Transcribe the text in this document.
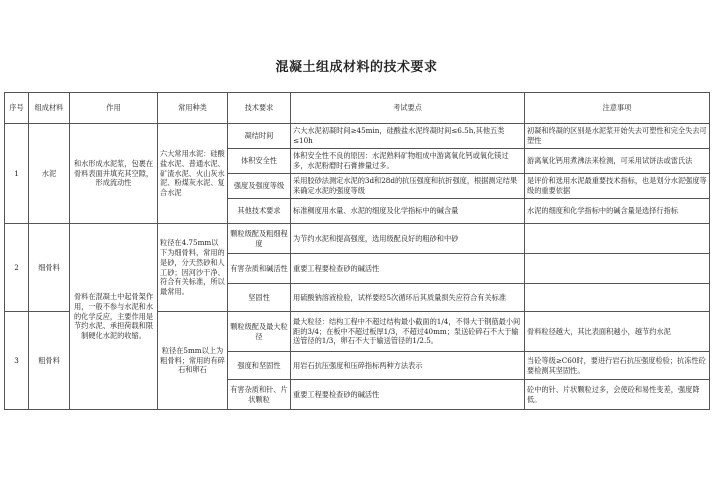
混凝土组成材料的技术要求
序号	组成材料	作用	常用种类	技术要求	考试要点	注意事项
1	水泥	和水形成水泥浆，包裹在骨料表面并填充其空隙，形成流动性	六大常用水泥：硅酸盐水泥、普通水泥、矿渣水泥、火山灰水泥、粉煤灰水泥、复合水泥	凝结时间	六大水泥初凝时间≥45min，硅酸盐水泥终凝时间≤6.5h,其他五类≤10h	初凝和终凝的区别是水泥浆开始失去可塑性和完全失去可塑性
				体积安全性	体积安全性不良的原因：水泥熟料矿物组成中游离氧化钙或氧化镁过多，水泥粉磨时石膏掺量过多。	游离氧化钙用煮沸法来检测，可采用试饼法或雷氏法
				强度及强度等级	采用胶砂法测定水泥的3d和28d的抗压强度和抗折强度，根据测定结果来确定水泥的强度等级	是评价和选用水泥最重要技术指标，也是划分水泥强度等级的重要依据
				其他技术要求	标准稠度用水量、水泥的细度及化学指标中的碱含量	水泥的细度和化学指标中的碱含量是选择行指标
2	细骨料	骨料在混凝土中起骨架作用，一般不参与水泥和水的化学反应，主要作用是节约水泥、承担荷载和限制硬化水泥的收缩。	粒径在4.75mm以下为细骨料，常用的是砂，分天然砂和人工砂；因河沙干净、符合有关标准，所以最常用。	颗粒级配及粗细程度	为节约水泥和提高强度，选用级配良好的粗砂和中砂	
				有害杂质和碱活性	重要工程要检查砂的碱活性	
				坚固性	用硫酸钠溶液检验，试样要经5次循环后其质量损失应符合有关标准	
3	粗骨料		粒径在5mm以上为粗骨料；常用的有碎石和卵石	颗粒级配及最大粒径	最大粒径：结构工程中不超过结构最小截面的1/4，不得大于钢筋最小间距的3/4；在板中不超过板厚1/3，不超过40mm；泵送砼碎石不大于输送管径的1/3，卵石不大于输送管径的1/2.5。	骨料粒径越大，其比表面积越小，越节约水泥
				强度和坚固性	用岩石抗压强度和压碎指标两种方法表示	当砼等级≥C60时，要进行岩石抗压强度检验；抗冻性砼要检测其坚固性。
				有害杂质和针、片状颗粒	重要工程要检查砂的碱活性	砼中的针、片状颗粒过多，会使砼和易性变差，强度降低。
